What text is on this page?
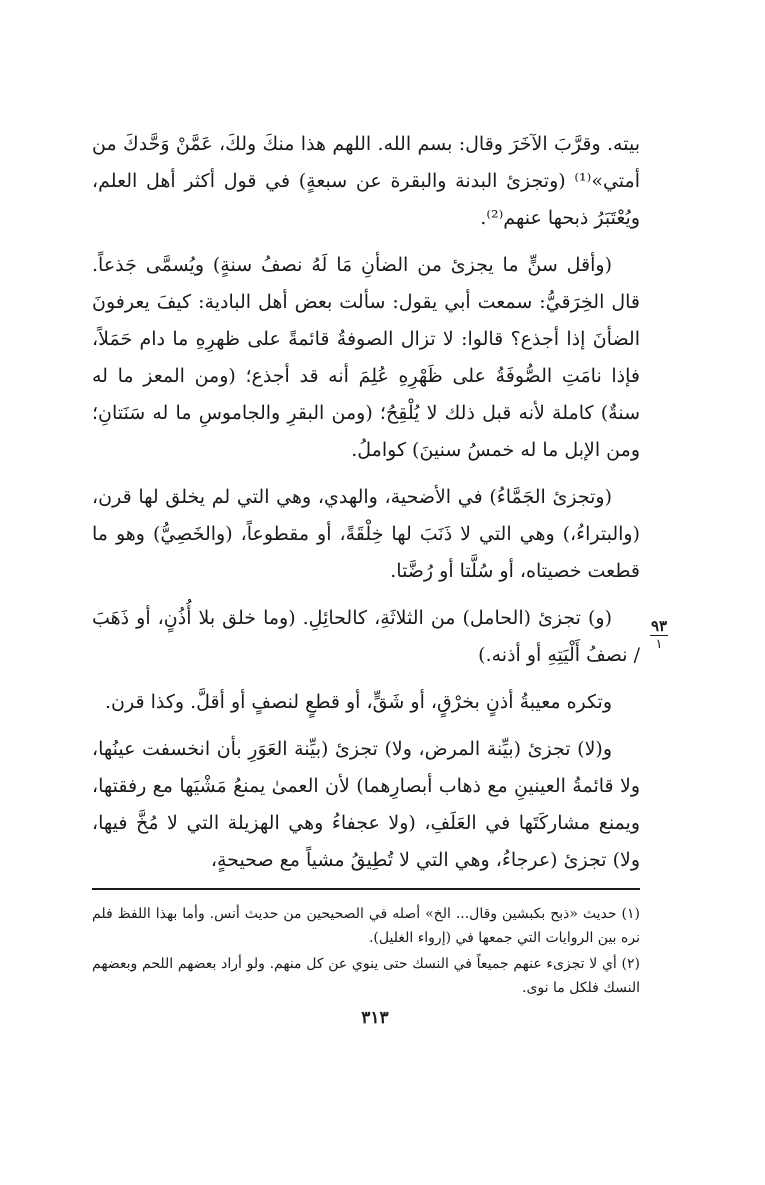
بيته. وقرَّبَ الآخَرَ وقال: بسم الله. اللهم هذا منكَ ولكَ، عَمَّنْ وَحَّدكَ من أمتي»⁽¹⁾ (وتجزئ البدنة والبقرة عن سبعةٍ) في قول أكثر أهل العلم، ويُعْتَبَرُ ذبحها عنهم⁽²⁾.

(وأقل سنٍّ ما يجزئ من الضأنِ مَا لَهُ نصفُ سنةٍ) ويُسمَّى جَذعاً. قال الخِرَقيُّ: سمعت أبي يقول: سألت بعض أهل البادية: كيفَ يعرفونَ الضأنَ إذا أجذع؟ قالوا: لا تزال الصوفةُ قائمةً على ظهرِهِ ما دام حَمَلاً، فإذا نامَتِ الصُّوفَةُ على ظَهْرِهِ عُلِمَ أنه قد أجذع؛ (ومن المعز ما له سنةٌ) كاملة لأنه قبل ذلك لا يُلْقِحُ؛ (ومن البقرِ والجاموسِ ما له سَنَتانِ؛ ومن الإبل ما له خمسُ سنينَ) كواملُ.

(وتجزئ الجَمَّاءُ) في الأضحية، والهدي، وهي التي لم يخلق لها قرن، (والبتراءُ،) وهي التي لا ذَنَبَ لها خِلْقَةً، أو مقطوعاً، (والخَصِيُّ) وهو ما قطعت خصيتاه، أو سُلَّتا أو رُضَّتا.

(و) تجزئ (الحامل) من الثلاثَةِ، كالحائِلِ. (وما خلق بلا أُذُنٍ، أو ذَهَبَ / نصفُ أَلْيَتِهِ أو أذنه.)

وتكره معيبةُ أذنٍ بخرْقٍ، أو شَقٍّ، أو قطعٍ لنصفٍ أو أقلَّ. وكذا قرن.

و(لا) تجزئ (بيِّنة المرض، ولا) تجزئ (بيِّنة العَوَرِ بأن انخسفت عينُها، ولا قائمةُ العينينِ مع ذهاب أبصارِهما) لأن العمىٰ يمنعُ مَشْيَها مع رفقتها، ويمنع مشاركَتَها في العَلَفِ، (ولا عجفاءُ وهي الهزيلة التي لا مُخَّ فيها، ولا) تجزئ (عرجاءُ، وهي التي لا تُطِيقُ مشياً مع صحيحةٍ،

٩٣
١

(١) حديث «ذبح بكبشين وقال... الخ» أصله في الصحيحين من حديث أنس. وأما بهذا اللفظ فلم نره بين الروايات التي جمعها في (إرواء الغليل).

(٢) أي لا تجزىء عنهم جميعاً في النسك حتى ينوي عن كل منهم. ولو أراد بعضهم اللحم وبعضهم النسك فلكل ما نوى.

٣١٣
